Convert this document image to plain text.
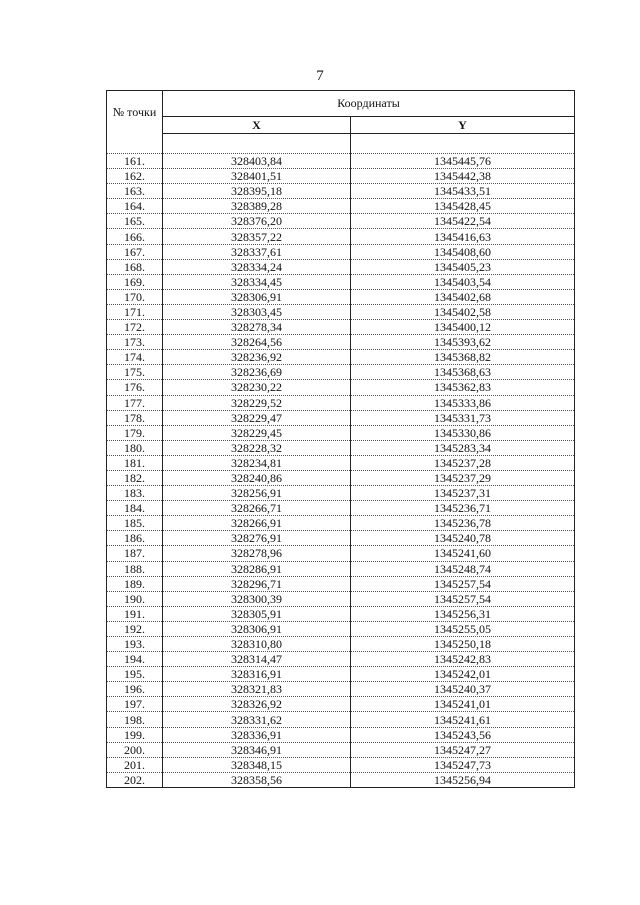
7
№ точки	Координаты	
	X	Y

161.	328403,84	1345445,76
162.	328401,51	1345442,38
163.	328395,18	1345433,51
164.	328389,28	1345428,45
165.	328376,20	1345422,54
166.	328357,22	1345416,63
167.	328337,61	1345408,60
168.	328334,24	1345405,23
169.	328334,45	1345403,54
170.	328306,91	1345402,68
171.	328303,45	1345402,58
172.	328278,34	1345400,12
173.	328264,56	1345393,62
174.	328236,92	1345368,82
175.	328236,69	1345368,63
176.	328230,22	1345362,83
177.	328229,52	1345333,86
178.	328229,47	1345331,73
179.	328229,45	1345330,86
180.	328228,32	1345283,34
181.	328234,81	1345237,28
182.	328240,86	1345237,29
183.	328256,91	1345237,31
184.	328266,71	1345236,71
185.	328266,91	1345236,78
186.	328276,91	1345240,78
187.	328278,96	1345241,60
188.	328286,91	1345248,74
189.	328296,71	1345257,54
190.	328300,39	1345257,54
191.	328305,91	1345256,31
192.	328306,91	1345255,05
193.	328310,80	1345250,18
194.	328314,47	1345242,83
195.	328316,91	1345242,01
196.	328321,83	1345240,37
197.	328326,92	1345241,01
198.	328331,62	1345241,61
199.	328336,91	1345243,56
200.	328346,91	1345247,27
201.	328348,15	1345247,73
202.	328358,56	1345256,94
